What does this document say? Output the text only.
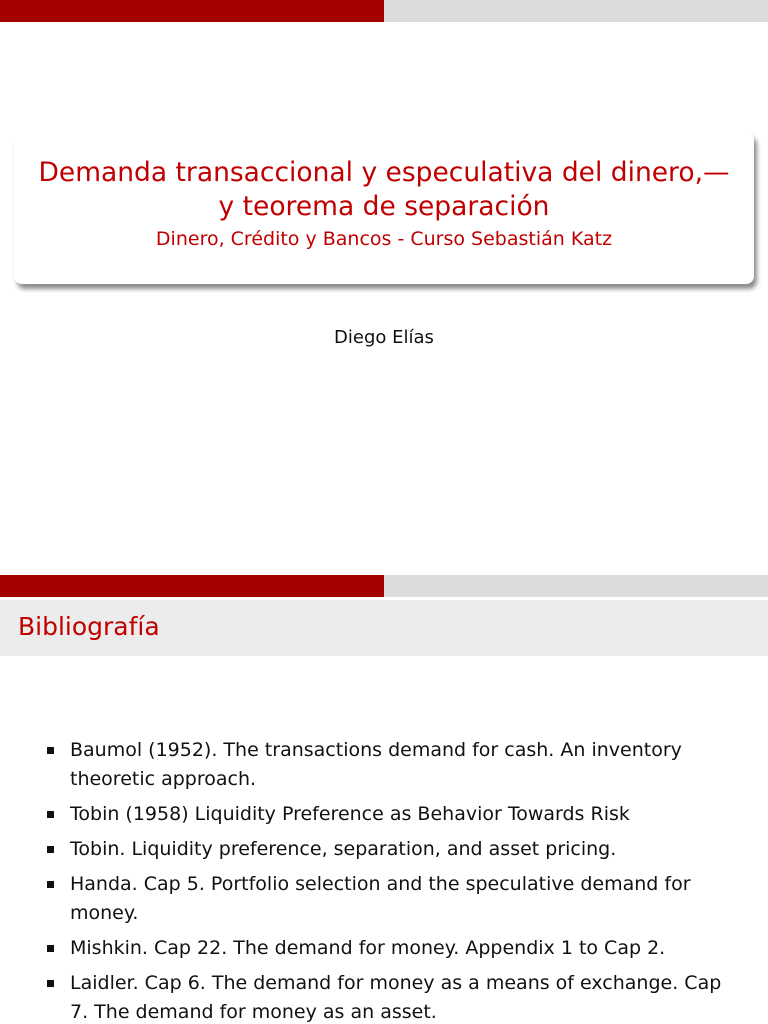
Demanda transaccional y especulativa del dinero,— y teorema de separación
Dinero, Crédito y Bancos - Curso Sebastián Katz
Diego Elías
Bibliografía
Baumol (1952). The transactions demand for cash. An inventory theoretic approach.
Tobin (1958) Liquidity Preference as Behavior Towards Risk
Tobin. Liquidity preference, separation, and asset pricing.
Handa. Cap 5. Portfolio selection and the speculative demand for money.
Mishkin. Cap 22. The demand for money. Appendix 1 to Cap 2.
Laidler. Cap 6. The demand for money as a means of exchange. Cap 7. The demand for money as an asset.
